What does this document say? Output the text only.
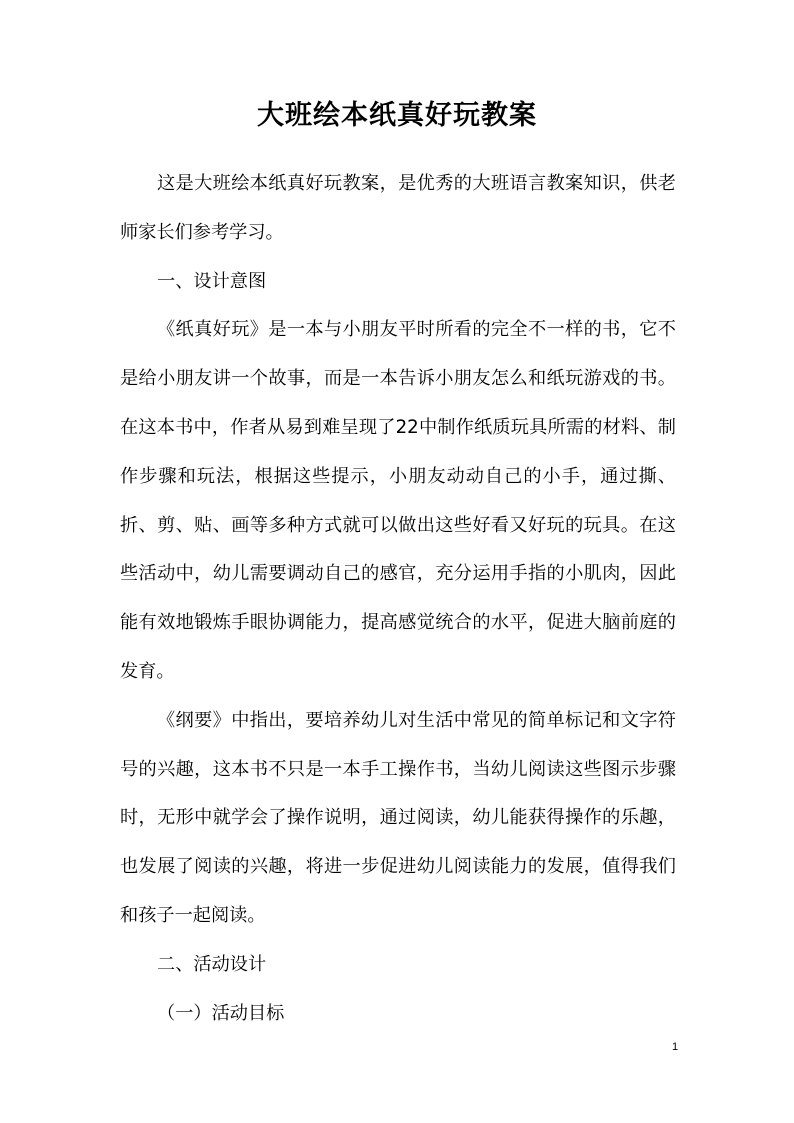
大班绘本纸真好玩教案

这是大班绘本纸真好玩教案，是优秀的大班语言教案知识，供老师家长们参考学习。

一、设计意图

《纸真好玩》是一本与小朋友平时所看的完全不一样的书，它不是给小朋友讲一个故事，而是一本告诉小朋友怎么和纸玩游戏的书。在这本书中，作者从易到难呈现了22中制作纸质玩具所需的材料、制作步骤和玩法，根据这些提示，小朋友动动自己的小手，通过撕、折、剪、贴、画等多种方式就可以做出这些好看又好玩的玩具。在这些活动中，幼儿需要调动自己的感官，充分运用手指的小肌肉，因此能有效地锻炼手眼协调能力，提高感觉统合的水平，促进大脑前庭的发育。

《纲要》中指出，要培养幼儿对生活中常见的简单标记和文字符号的兴趣，这本书不只是一本手工操作书，当幼儿阅读这些图示步骤时，无形中就学会了操作说明，通过阅读，幼儿能获得操作的乐趣，也发展了阅读的兴趣，将进一步促进幼儿阅读能力的发展，值得我们和孩子一起阅读。

二、活动设计

（一）活动目标

1
